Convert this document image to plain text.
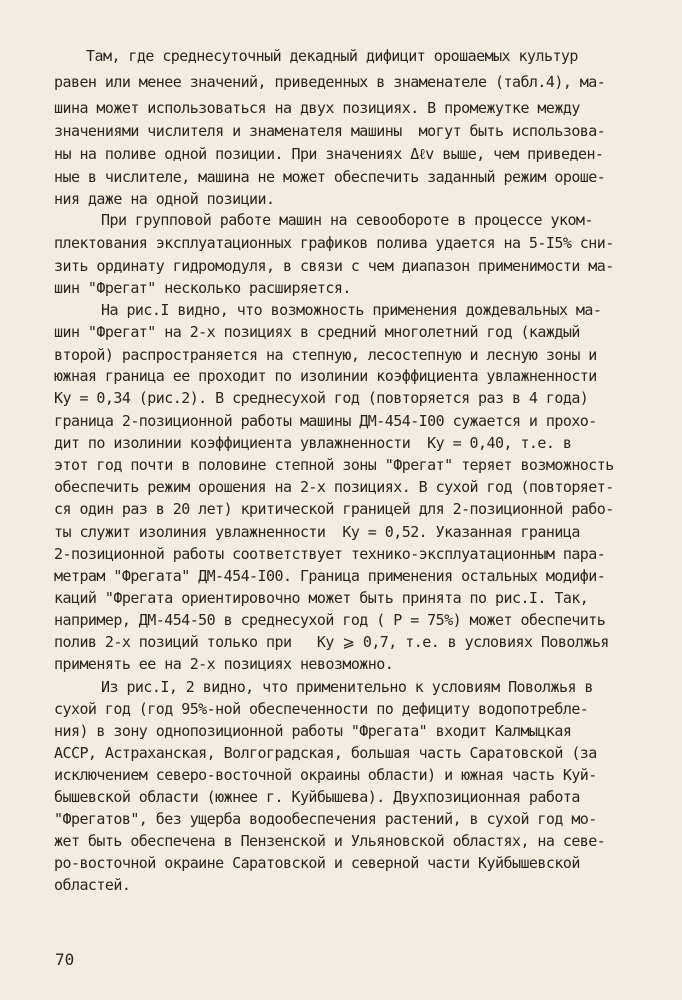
Там, где среднесуточный декадный дифицит орошаемых культур
равен или менее значений, приведенных в знаменателе (табл.4), ма-
шина может использоваться на двух позициях. В промежутке между
значениями числителя и знаменателя машины  могут быть использова-
ны на поливе одной позиции. При значениях Δℓv выше, чем приведен-
ные в числителе, машина не может обеспечить заданный режим ороше-
ния даже на одной позиции.
При групповой работе машин на севообороте в процессе уком-
плектования эксплуатационных графиков полива удается на 5-I5% сни-
зить ординату гидромодуля, в связи с чем диапазон применимости ма-
шин "Фрегат" несколько расширяется.
На рис.I видно, что возможность применения дождевальных ма-
шин "Фрегат" на 2-х позициях в средний многолетний год (каждый
второй) распространяется на степную, лесостепную и лесную зоны и
южная граница ее проходит по изолинии коэффициента увлажненности
Ky = 0,34 (рис.2). В среднесухой год (повторяется раз в 4 года)
граница 2-позиционной работы машины ДМ-454-I00 сужается и прохо-
дит по изолинии коэффициента увлажненности  Ky = 0,40, т.е. в
этот год почти в половине степной зоны "Фрегат" теряет возможность
обеспечить режим орошения на 2-х позициях. В сухой год (повторяет-
ся один раз в 20 лет) критической границей для 2-позиционной рабо-
ты служит изолиния увлажненности  Ky = 0,52. Указанная граница
2-позиционной работы соответствует технико-эксплуатационным пара-
метрам "Фрегата" ДМ-454-I00. Граница применения остальных модифи-
каций "Фрегата ориентировочно может быть принята по рис.I. Так,
например, ДМ-454-50 в среднесухой год ( P = 75%) может обеспечить
полив 2-х позиций только при   Ky ⩾ 0,7, т.е. в условиях Поволжья
применять ее на 2-х позициях невозможно.
Из рис.I, 2 видно, что применительно к условиям Поволжья в
сухой год (год 95%-ной обеспеченности по дефициту водопотребле-
ния) в зону однопозиционной работы "Фрегата" входит Калмыцкая
АССР, Астраханская, Волгоградская, большая часть Саратовской (за
исключением северо-восточной окраины области) и южная часть Куй-
бышевской области (южнее г. Куйбышева). Двухпозиционная работа
"Фрегатов", без ущерба водообеспечения растений, в сухой год мо-
жет быть обеспечена в Пензенской и Ульяновской областях, на севе-
ро-восточной окраине Саратовской и северной части Куйбышевской
областей.
70
